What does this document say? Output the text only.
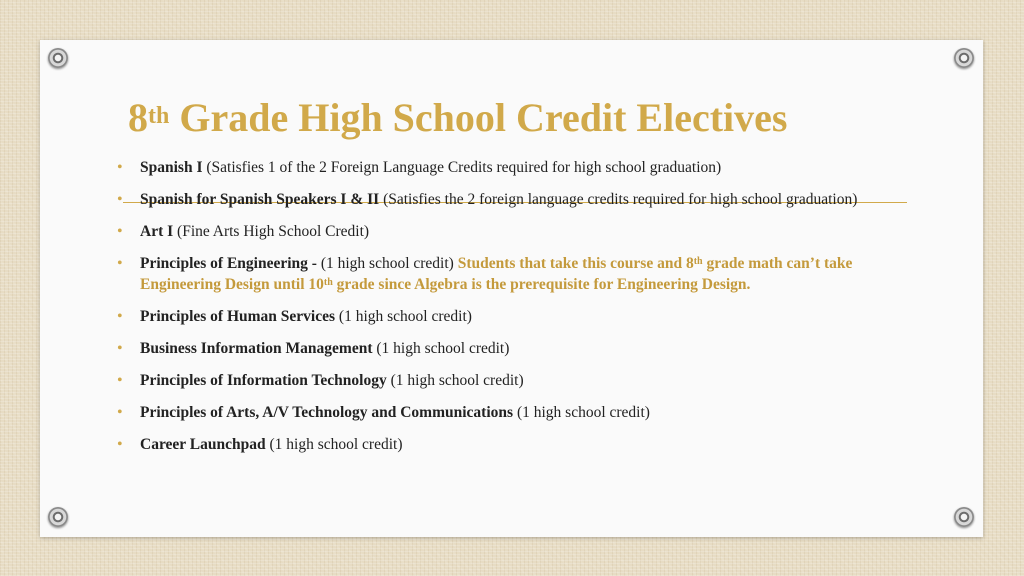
8th Grade High School Credit Electives
• Spanish I (Satisfies 1 of the 2 Foreign Language Credits required for high school graduation)
• Spanish for Spanish Speakers I & II (Satisfies the 2 foreign language credits required for high school graduation)
• Art I (Fine Arts High School Credit)
• Principles of Engineering - (1 high school credit) Students that take this course and 8th grade math can’t take Engineering Design until 10th grade since Algebra is the prerequisite for Engineering Design.
• Principles of Human Services (1 high school credit)
• Business Information Management (1 high school credit)
• Principles of Information Technology (1 high school credit)
• Principles of Arts, A/V Technology and Communications (1 high school credit)
• Career Launchpad (1 high school credit)
